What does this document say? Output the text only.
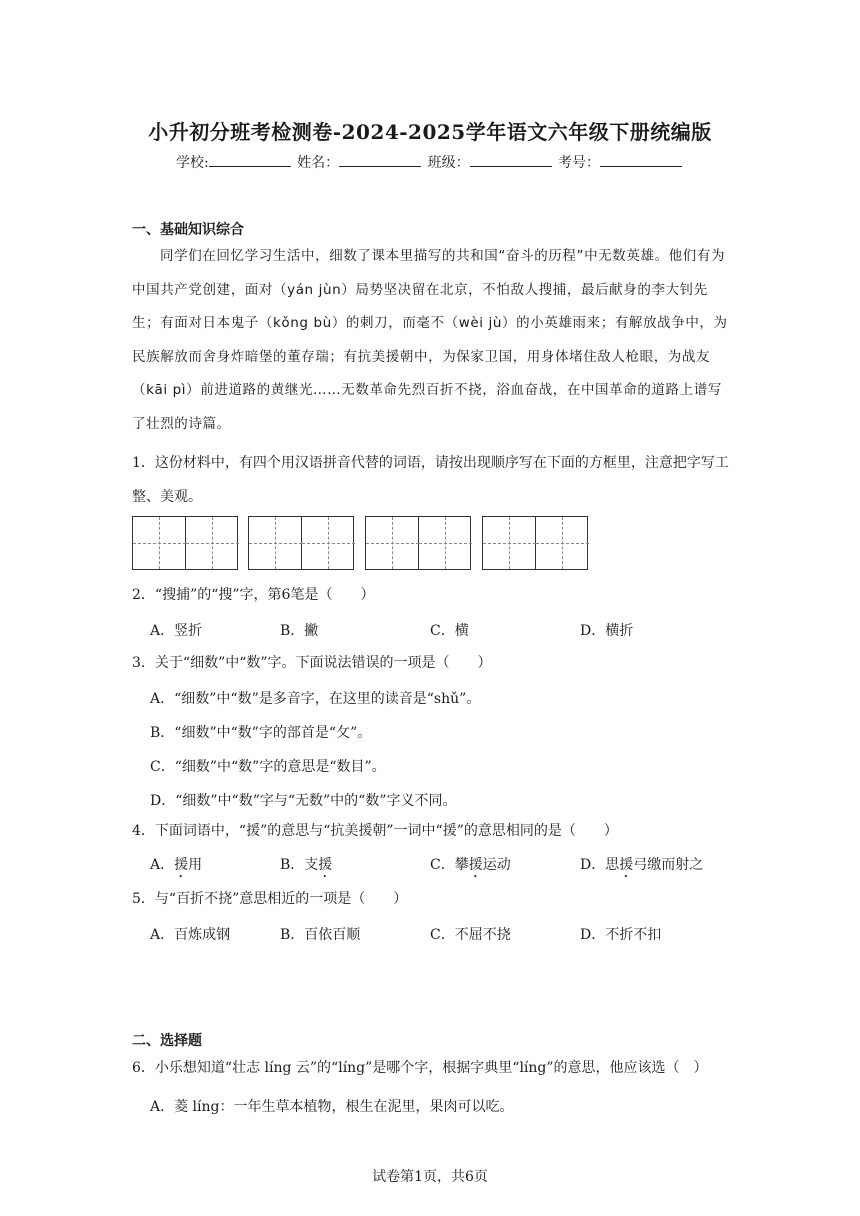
小升初分班考检测卷-2024-2025学年语文六年级下册统编版
学校:	姓名：	班级：	考号：
一、基础知识综合
同学们在回忆学习生活中，细数了课本里描写的共和国“奋斗的历程”中无数英雄。他们有为中国共产党创建，面对（yán jùn）局势坚决留在北京，不怕敌人搜捕，最后献身的李大钊先生；有面对日本鬼子（kǒng bù）的刺刀，而毫不（wèi jù）的小英雄雨来；有解放战争中，为民族解放而舍身炸暗堡的董存瑞；有抗美援朝中，为保家卫国，用身体堵住敌人枪眼，为战友（kāi pì）前进道路的黄继光……无数革命先烈百折不挠，浴血奋战，在中国革命的道路上谱写了壮烈的诗篇。
1．这份材料中，有四个用汉语拼音代替的词语，请按出现顺序写在下面的方框里，注意把字写工整、美观。
2．“搜捕”的“搜”字，第6笔是（　　）
A．竖折	B．撇	C．横	D．横折
3．关于“细数”中“数”字。下面说法错误的一项是（　　）
A．“细数”中“数”是多音字，在这里的读音是“shǔ”。
B．“细数”中“数”字的部首是“攵”。
C．“细数”中“数”字的意思是“数目”。
D．“细数”中“数”字与“无数”中的“数”字义不同。
4．下面词语中，“援”的意思与“抗美援朝”一词中“援”的意思相同的是（　　）
A．援用	B．支援	C．攀援运动	D．思援弓缴而射之
5．与“百折不挠”意思相近的一项是（　　）
A．百炼成钢	B．百依百顺	C．不屈不挠	D．不折不扣
二、选择题
6．小乐想知道“壮志 líng 云”的“líng”是哪个字，根据字典里“líng”的意思，他应该选（　）
A．菱 líng：一年生草本植物，根生在泥里，果肉可以吃。
试卷第1页，共6页
